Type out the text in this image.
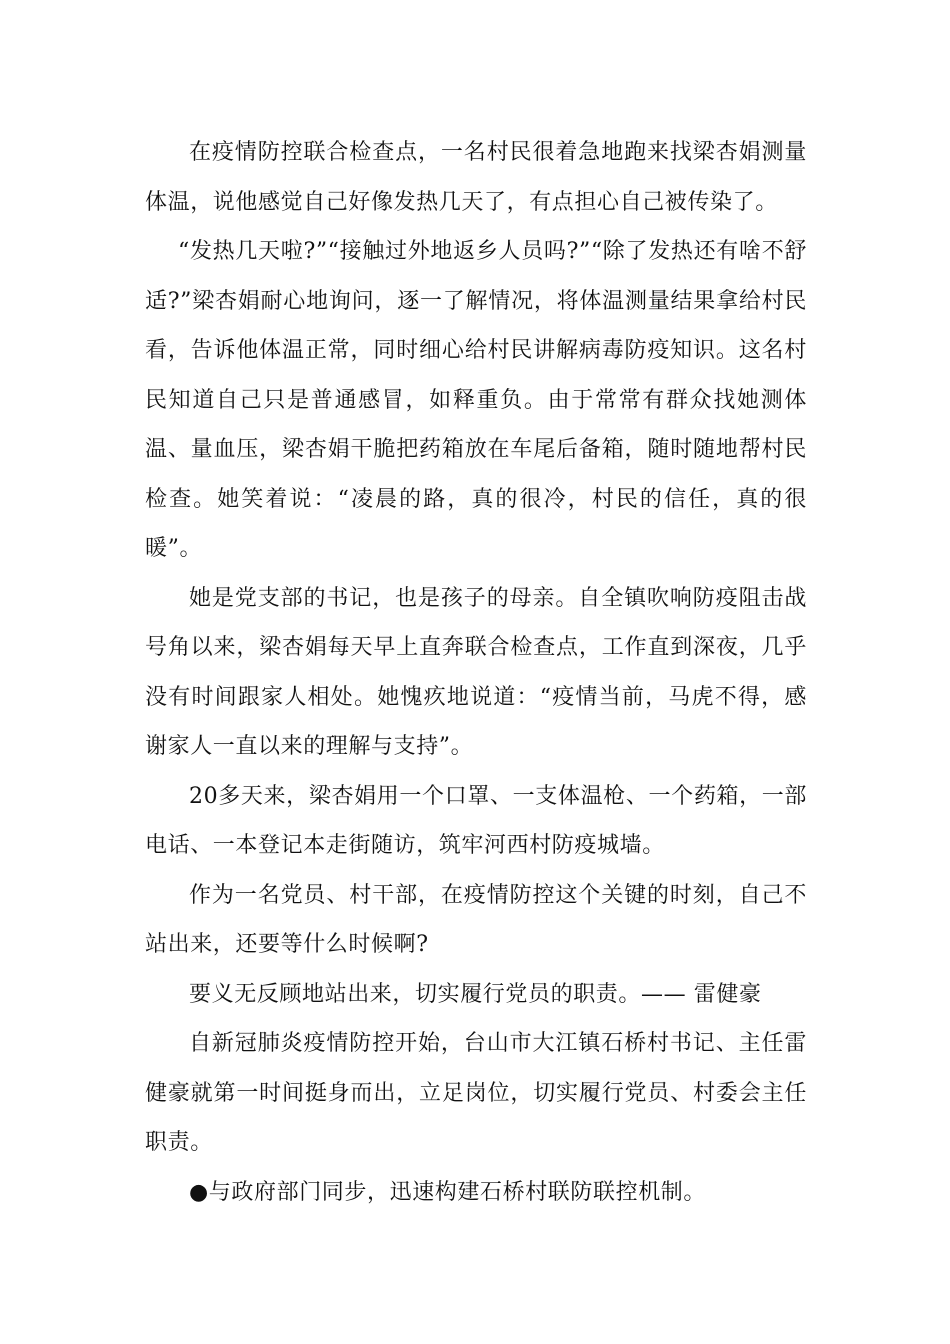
在疫情防控联合检查点，一名村民很着急地跑来找梁杏娟测量体温，说他感觉自己好像发热几天了，有点担心自己被传染了。

“发热几天啦?”“接触过外地返乡人员吗?”“除了发热还有啥不舒适?”梁杏娟耐心地询问，逐一了解情况，将体温测量结果拿给村民看，告诉他体温正常，同时细心给村民讲解病毒防疫知识。这名村民知道自己只是普通感冒，如释重负。由于常常有群众找她测体温、量血压，梁杏娟干脆把药箱放在车尾后备箱，随时随地帮村民检查。她笑着说：“凌晨的路，真的很冷，村民的信任，真的很暖”。

她是党支部的书记，也是孩子的母亲。自全镇吹响防疫阻击战号角以来，梁杏娟每天早上直奔联合检查点，工作直到深夜，几乎没有时间跟家人相处。她愧疚地说道：“疫情当前，马虎不得，感谢家人一直以来的理解与支持”。

20多天来，梁杏娟用一个口罩、一支体温枪、一个药箱，一部电话、一本登记本走街随访，筑牢河西村防疫城墙。

作为一名党员、村干部，在疫情防控这个关键的时刻，自己不站出来，还要等什么时候啊?

要义无反顾地站出来，切实履行党员的职责。—— 雷健豪

自新冠肺炎疫情防控开始，台山市大江镇石桥村书记、主任雷健豪就第一时间挺身而出，立足岗位，切实履行党员、村委会主任职责。

●与政府部门同步，迅速构建石桥村联防联控机制。
